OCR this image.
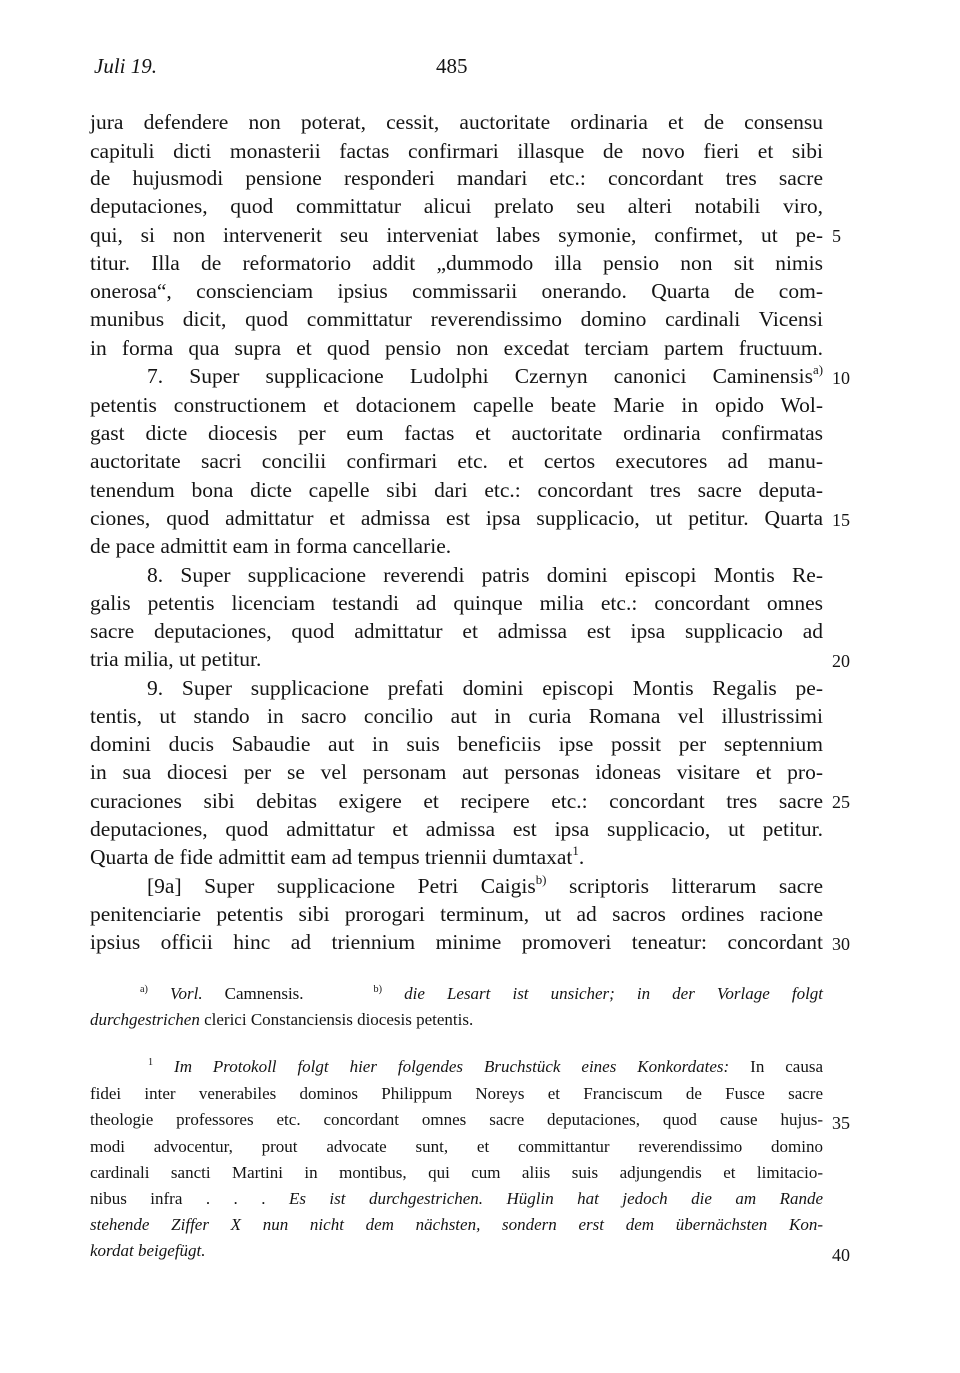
Juli 19.	485
jura defendere non poterat, cessit, auctoritate ordinaria et de consensu
capituli dicti monasterii factas confirmari illasque de novo fieri et sibi
de hujusmodi pensione responderi mandari etc.: concordant tres sacre
deputaciones, quod committatur alicui prelato seu alteri notabili viro,
qui, si non intervenerit seu interveniat labes symonie, confirmet, ut pe-
titur. Illa de reformatorio addit „dummodo illa pensio non sit nimis
onerosa“, conscienciam ipsius commissarii onerando. Quarta de com-
munibus dicit, quod committatur reverendissimo domino cardinali Vicensi
in forma qua supra et quod pensio non excedat terciam partem fructuum.
7. Super supplicacione Ludolphi Czernyn canonici Caminensis$^{a)}$
petentis constructionem et dotacionem capelle beate Marie in opido Wol-
gast dicte diocesis per eum factas et auctoritate ordinaria confirmatas
auctoritate sacri concilii confirmari etc. et certos executores ad manu-
tenendum bona dicte capelle sibi dari etc.: concordant tres sacre deputa-
ciones, quod admittatur et admissa est ipsa supplicacio, ut petitur. Quarta
de pace admittit eam in forma cancellarie.
8. Super supplicacione reverendi patris domini episcopi Montis Re-
galis petentis licenciam testandi ad quinque milia etc.: concordant omnes
sacre deputaciones, quod admittatur et admissa est ipsa supplicacio ad
tria milia, ut petitur.
9. Super supplicacione prefati domini episcopi Montis Regalis pe-
tentis, ut stando in sacro concilio aut in curia Romana vel illustrissimi
domini ducis Sabaudie aut in suis beneficiis ipse possit per septennium
in sua diocesi per se vel personam aut personas idoneas visitare et pro-
curaciones sibi debitas exigere et recipere etc.: concordant tres sacre
deputaciones, quod admittatur et admissa est ipsa supplicacio, ut petitur.
Quarta de fide admittit eam ad tempus triennii dumtaxat$^1$.
[9a] Super supplicacione Petri Caigis$^{b)}$ scriptoris litterarum sacre
penitenciarie petentis sibi prorogari terminum, ut ad sacros ordines racione
ipsius officii hinc ad triennium minime promoveri teneatur: concordant
5
10
15
20
25
30
35
40
$^{a)}$ Vorl. Camnensis.	$^{b)}$ die Lesart ist unsicher; in der Vorlage folgt
durchgestrichen clerici Constanciensis diocesis petentis.
$^1$ Im Protokoll folgt hier folgendes Bruchstück eines Konkordates: In causa
fidei inter venerabiles dominos Philippum Noreys et Franciscum de Fusce sacre
theologie professores etc. concordant omnes sacre deputaciones, quod cause hujus-
modi advocentur, prout advocate sunt, et committantur reverendissimo domino
cardinali sancti Martini in montibus, qui cum aliis suis adjungendis et limitacio-
nibus infra . . . Es ist durchgestrichen. Hüglin hat jedoch die am Rande
stehende Ziffer X nun nicht dem nächsten, sondern erst dem übernächsten Kon-
kordat beigefügt.
